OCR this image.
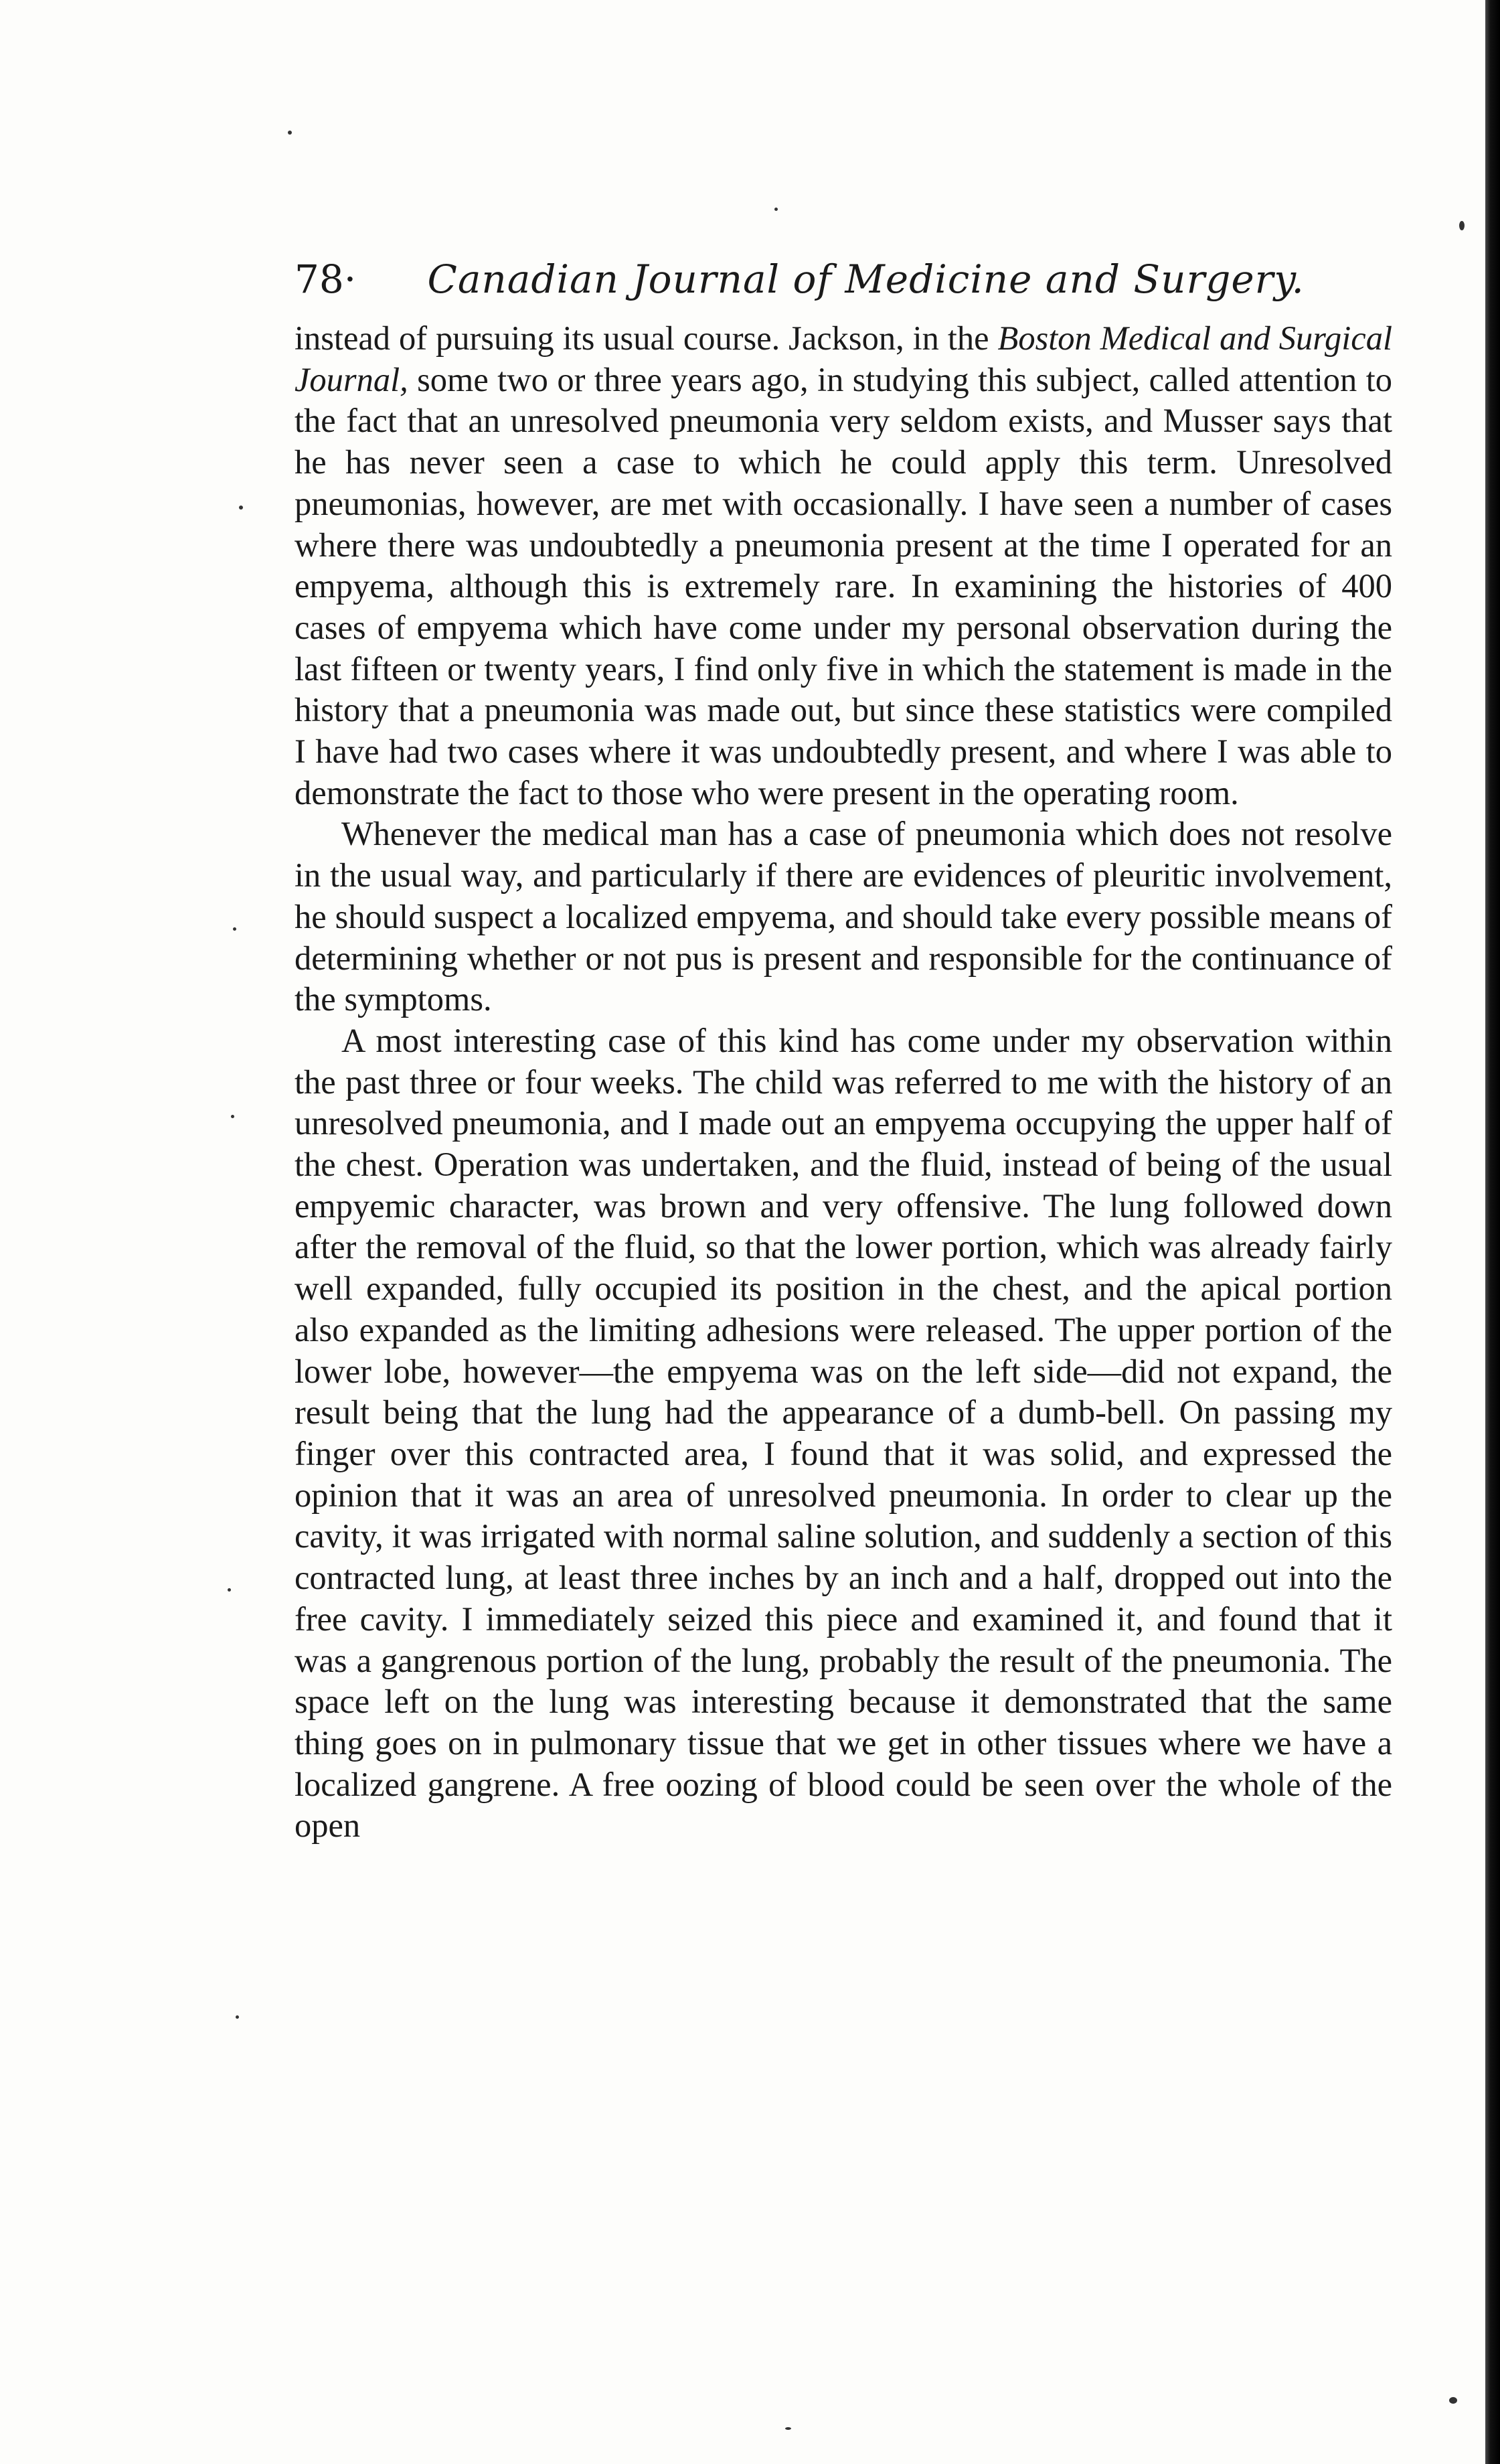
78· Canadian Journal of Medicine and Surgery.

instead of pursuing its usual course. Jackson, in the Boston Medical and Surgical Journal, some two or three years ago, in studying this subject, called attention to the fact that an unresolved pneumonia very seldom exists, and Musser says that he has never seen a case to which he could apply this term. Unresolved pneumonias, however, are met with occasionally. I have seen a number of cases where there was undoubtedly a pneumonia present at the time I operated for an empyema, although this is extremely rare. In examining the histories of 400 cases of empyema which have come under my personal observation during the last fifteen or twenty years, I find only five in which the statement is made in the history that a pneumonia was made out, but since these statistics were compiled I have had two cases where it was undoubtedly present, and where I was able to demonstrate the fact to those who were present in the operating room.

Whenever the medical man has a case of pneumonia which does not resolve in the usual way, and particularly if there are evidences of pleuritic involvement, he should suspect a localized empyema, and should take every possible means of determining whether or not pus is present and responsible for the continuance of the symptoms.

A most interesting case of this kind has come under my observation within the past three or four weeks. The child was referred to me with the history of an unresolved pneumonia, and I made out an empyema occupying the upper half of the chest. Operation was undertaken, and the fluid, instead of being of the usual empyemic character, was brown and very offensive. The lung followed down after the removal of the fluid, so that the lower portion, which was already fairly well expanded, fully occupied its position in the chest, and the apical portion also expanded as the limiting adhesions were released. The upper portion of the lower lobe, however—the empyema was on the left side—did not expand, the result being that the lung had the appearance of a dumb-bell. On passing my finger over this contracted area, I found that it was solid, and expressed the opinion that it was an area of unresolved pneumonia. In order to clear up the cavity, it was irrigated with normal saline solution, and suddenly a section of this contracted lung, at least three inches by an inch and a half, dropped out into the free cavity. I immediately seized this piece and examined it, and found that it was a gangrenous portion of the lung, probably the result of the pneumonia. The space left on the lung was interesting because it demonstrated that the same thing goes on in pulmonary tissue that we get in other tissues where we have a localized gangrene. A free oozing of blood could be seen over the whole of the open
